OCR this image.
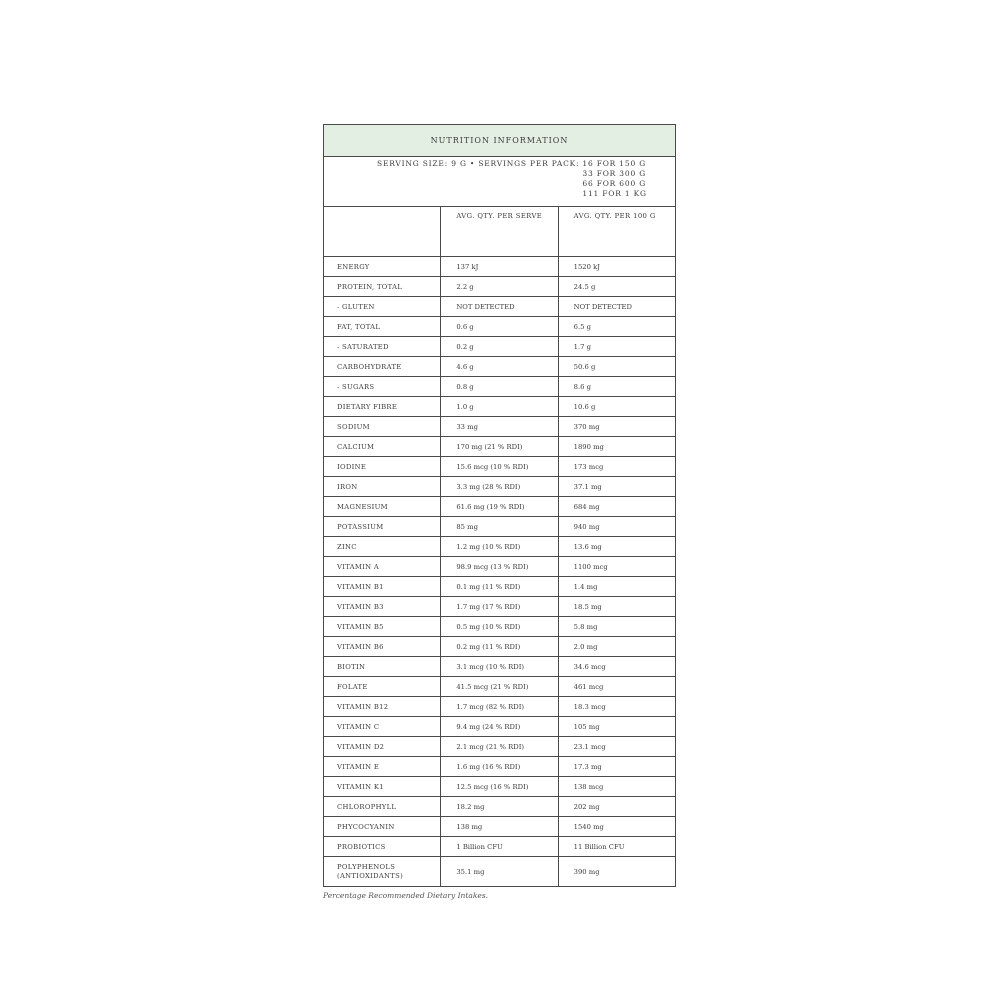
NUTRITION INFORMATION		

SERVING SIZE: 9 G • SERVINGS PER PACK: 16 FOR 150 G
33 FOR 300 G
66 FOR 600 G
111 FOR 1 KG		

	AVG. QTY. PER SERVE	AVG. QTY. PER 100 G
ENERGY	137 kJ	1520 kJ
PROTEIN, TOTAL	2.2 g	24.5 g
- GLUTEN	NOT DETECTED	NOT DETECTED
FAT, TOTAL	0.6 g	6.5 g
- SATURATED	0.2 g	1.7 g
CARBOHYDRATE	4.6 g	50.6 g
- SUGARS	0.8 g	8.6 g
DIETARY FIBRE	1.0 g	10.6 g
SODIUM	33 mg	370 mg
CALCIUM	170 mg (21 % RDI)	1890 mg
IODINE	15.6 mcg (10 % RDI)	173 mcg
IRON	3.3 mg (28 % RDI)	37.1 mg
MAGNESIUM	61.6 mg (19 % RDI)	684 mg
POTASSIUM	85 mg	940 mg
ZINC	1.2 mg (10 % RDI)	13.6 mg
VITAMIN A	98.9 mcg (13 % RDI)	1100 mcg
VITAMIN B1	0.1 mg (11 % RDI)	1.4 mg
VITAMIN B3	1.7 mg (17 % RDI)	18.5 mg
VITAMIN B5	0.5 mg (10 % RDI)	5.8 mg
VITAMIN B6	0.2 mg (11 % RDI)	2.0 mg
BIOTIN	3.1 mcg (10 % RDI)	34.6 mcg
FOLATE	41.5 mcg (21 % RDI)	461 mcg
VITAMIN B12	1.7 mcg (82 % RDI)	18.3 mcg
VITAMIN C	9.4 mg (24 % RDI)	105 mg
VITAMIN D2	2.1 mcg (21 % RDI)	23.1 mcg
VITAMIN E	1.6 mg (16 % RDI)	17.3 mg
VITAMIN K1	12.5 mcg (16 % RDI)	138 mcg
CHLOROPHYLL	18.2 mg	202 mg
PHYCOCYANIN	138 mg	1540 mg
PROBIOTICS	1 Billion CFU	11 Billion CFU
POLYPHENOLS (ANTIOXIDANTS)	35.1 mg	390 mg
Percentage Recommended Dietary Intakes.
